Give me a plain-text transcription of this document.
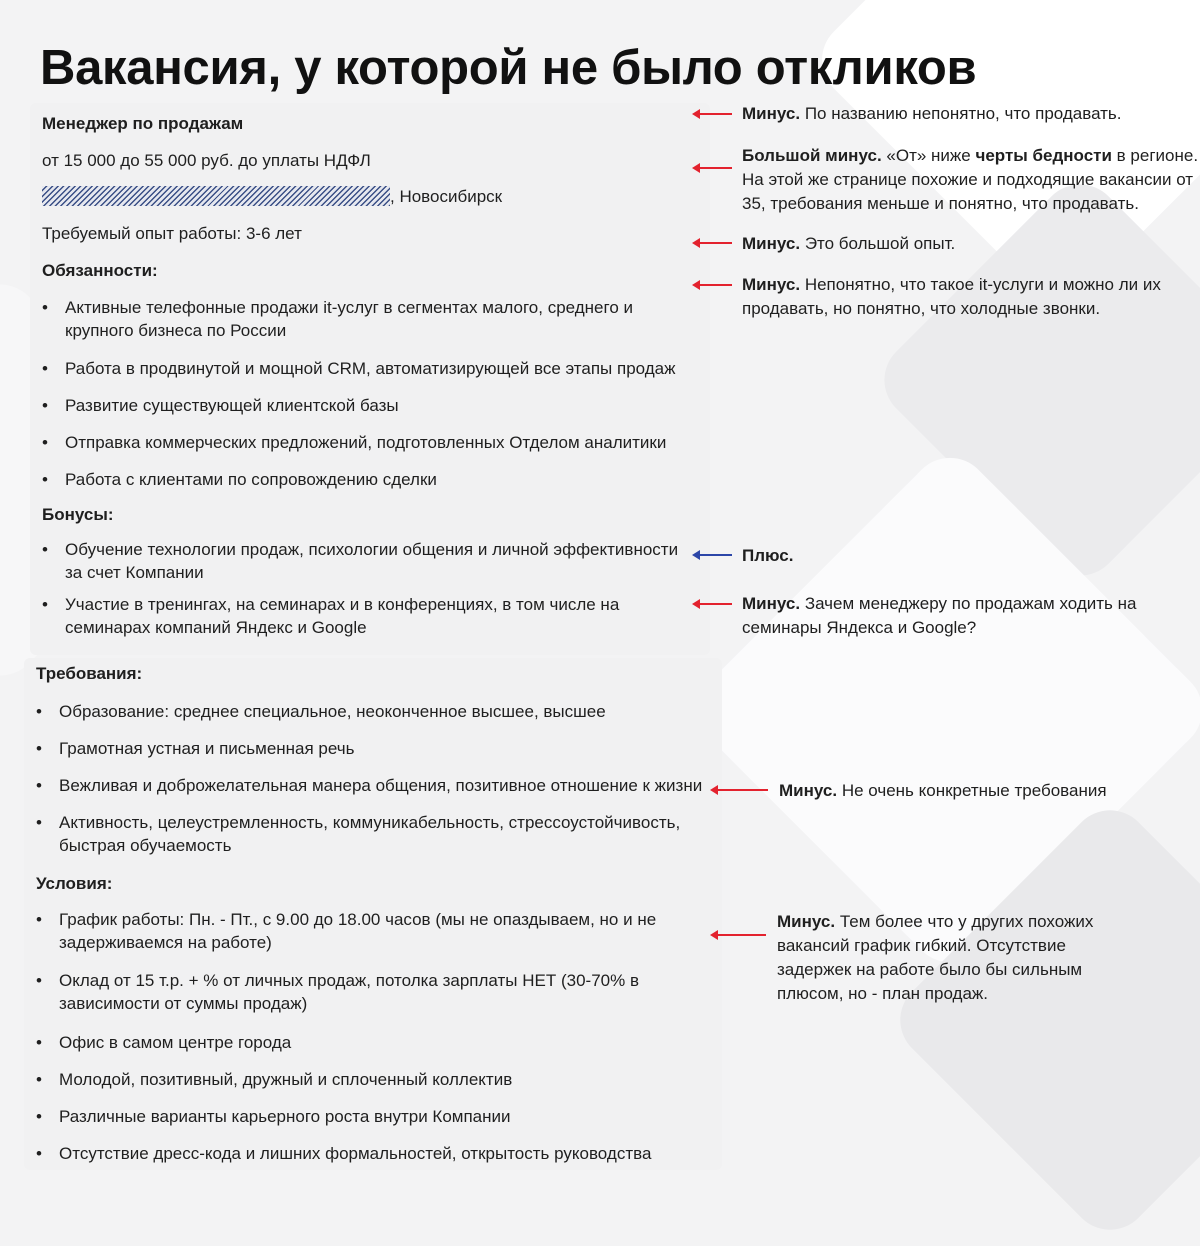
Вакансия, у которой не было откликов
Менеджер по продажам
от 15 000 до 55 000 руб. до уплаты НДФЛ
, Новосибирск
Требуемый опыт работы: 3-6 лет
Обязанности:
• Активные телефонные продажи it-услуг в сегментах малого, среднего и
крупного бизнеса по России
• Работа в продвинутой и мощной CRM, автоматизирующей все этапы продаж
• Развитие существующей клиентской базы
• Отправка коммерческих предложений, подготовленных Отделом аналитики
• Работа с клиентами по сопровождению сделки
Бонусы:
• Обучение технологии продаж, психологии общения и личной эффективности
за счет Компании
• Участие в тренингах, на семинарах и в конференциях, в том числе на
семинарах компаний Яндекс и Google
Требования:
• Образование: среднее специальное, неоконченное высшее, высшее
• Грамотная устная и письменная речь
• Вежливая и доброжелательная манера общения, позитивное отношение к жизни
• Активность, целеустремленность, коммуникабельность, стрессоустойчивость,
быстрая обучаемость
Условия:
• График работы: Пн. - Пт., с 9.00 до 18.00 часов (мы не опаздываем, но и не
задерживаемся на работе)
• Оклад от 15 т.р. + % от личных продаж, потолка зарплаты НЕТ (30-70% в
зависимости от суммы продаж)
• Офис в самом центре города
• Молодой, позитивный, дружный и сплоченный коллектив
• Различные варианты карьерного роста внутри Компании
• Отсутствие дресс-кода и лишних формальностей, открытость руководства
Минус. По названию непонятно, что продавать.
Большой минус. «От» ниже черты бедности в регионе.
На этой же странице похожие и подходящие вакансии от
35, требования меньше и понятно, что продавать.
Минус. Это большой опыт.
Минус. Непонятно, что такое it-услуги и можно ли их
продавать, но понятно, что холодные звонки.
Плюс.
Минус. Зачем менеджеру по продажам ходить на
семинары Яндекса и Google?
Минус. Не очень конкретные требования
Минус. Тем более что у других похожих
вакансий график гибкий. Отсутствие
задержек на работе было бы сильным
плюсом, но - план продаж.
